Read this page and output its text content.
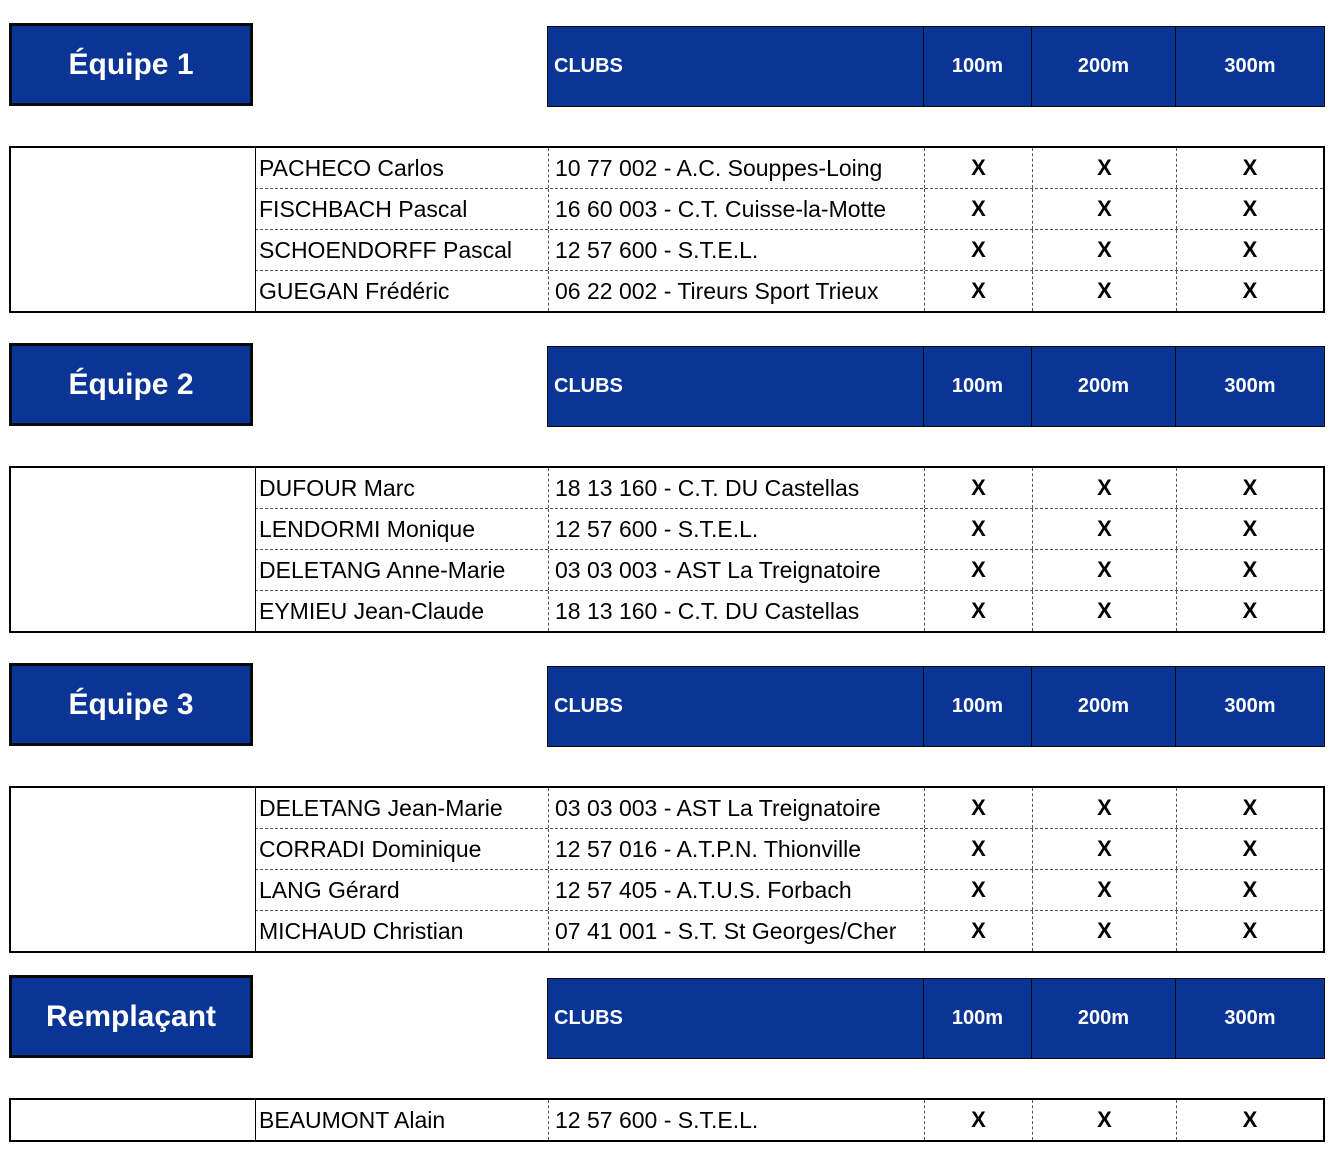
Équipe 1	CLUBS	100m	200m	300m
PACHECO Carlos	10 77 002 - A.C. Souppes-Loing	X	X	X
FISCHBACH Pascal	16 60 003 - C.T. Cuisse-la-Motte	X	X	X
SCHOENDORFF Pascal	12 57 600 - S.T.E.L.	X	X	X
GUEGAN Frédéric	06 22 002 - Tireurs Sport Trieux	X	X	X
Équipe 2	CLUBS	100m	200m	300m
DUFOUR Marc	18 13 160 - C.T. DU Castellas	X	X	X
LENDORMI Monique	12 57 600 - S.T.E.L.	X	X	X
DELETANG Anne-Marie	03 03 003 - AST La Treignatoire	X	X	X
EYMIEU Jean-Claude	18 13 160 - C.T. DU Castellas	X	X	X
Équipe 3	CLUBS	100m	200m	300m
DELETANG Jean-Marie	03 03 003 - AST La Treignatoire	X	X	X
CORRADI Dominique	12 57 016 - A.T.P.N. Thionville	X	X	X
LANG Gérard	12 57 405 - A.T.U.S. Forbach	X	X	X
MICHAUD Christian	07 41 001 - S.T. St Georges/Cher	X	X	X
Remplaçant	CLUBS	100m	200m	300m
BEAUMONT Alain	12 57 600 - S.T.E.L.	X	X	X
